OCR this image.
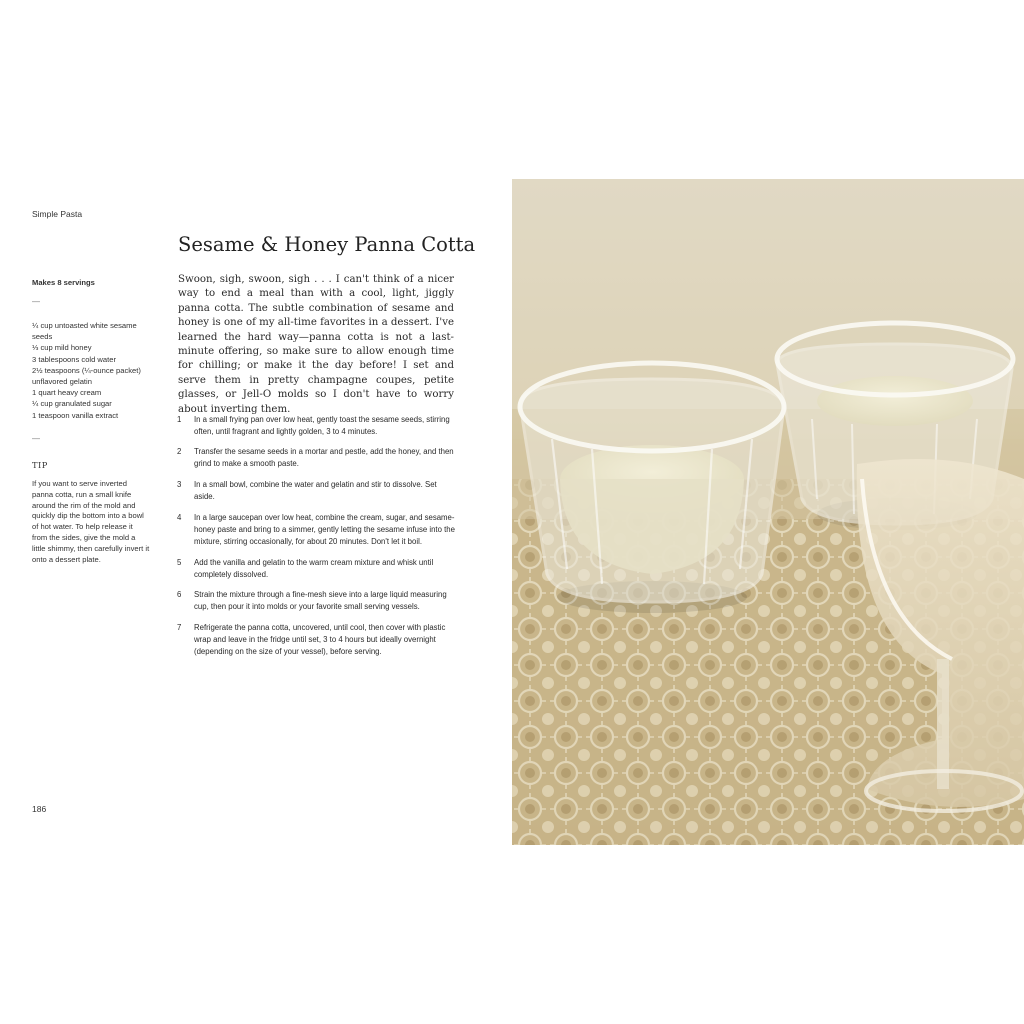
Simple Pasta
Sesame & Honey Panna Cotta
Makes 8 servings
—
¼ cup untoasted white sesame seeds
⅓ cup mild honey
3 tablespoons cold water
2½ teaspoons (¼-ounce packet) unflavored gelatin
1 quart heavy cream
¼ cup granulated sugar
1 teaspoon vanilla extract
—
TIP
If you want to serve inverted panna cotta, run a small knife around the rim of the mold and quickly dip the bottom into a bowl of hot water. To help release it from the sides, give the mold a little shimmy, then carefully invert it onto a dessert plate.

Swoon, sigh, swoon, sigh . . . I can't think of a nicer way to end a meal than with a cool, light, jiggly panna cotta. The subtle combination of sesame and honey is one of my all-time favorites in a dessert. I've learned the hard way—panna cotta is not a last-minute offering, so make sure to allow enough time for chilling; or make it the day before! I set and serve them in pretty champagne coupes, petite glasses, or Jell-O molds so I don't have to worry about inverting them.

1 In a small frying pan over low heat, gently toast the sesame seeds, stirring often, until fragrant and lightly golden, 3 to 4 minutes.
2 Transfer the sesame seeds in a mortar and pestle, add the honey, and then grind to make a smooth paste.
3 In a small bowl, combine the water and gelatin and stir to dissolve. Set aside.
4 In a large saucepan over low heat, combine the cream, sugar, and sesame-honey paste and bring to a simmer, gently letting the sesame infuse into the mixture, stirring occasionally, for about 20 minutes. Don't let it boil.
5 Add the vanilla and gelatin to the warm cream mixture and whisk until completely dissolved.
6 Strain the mixture through a fine-mesh sieve into a large liquid measuring cup, then pour it into molds or your favorite small serving vessels.
7 Refrigerate the panna cotta, uncovered, until cool, then cover with plastic wrap and leave in the fridge until set, 3 to 4 hours but ideally overnight (depending on the size of your vessel), before serving.
186
